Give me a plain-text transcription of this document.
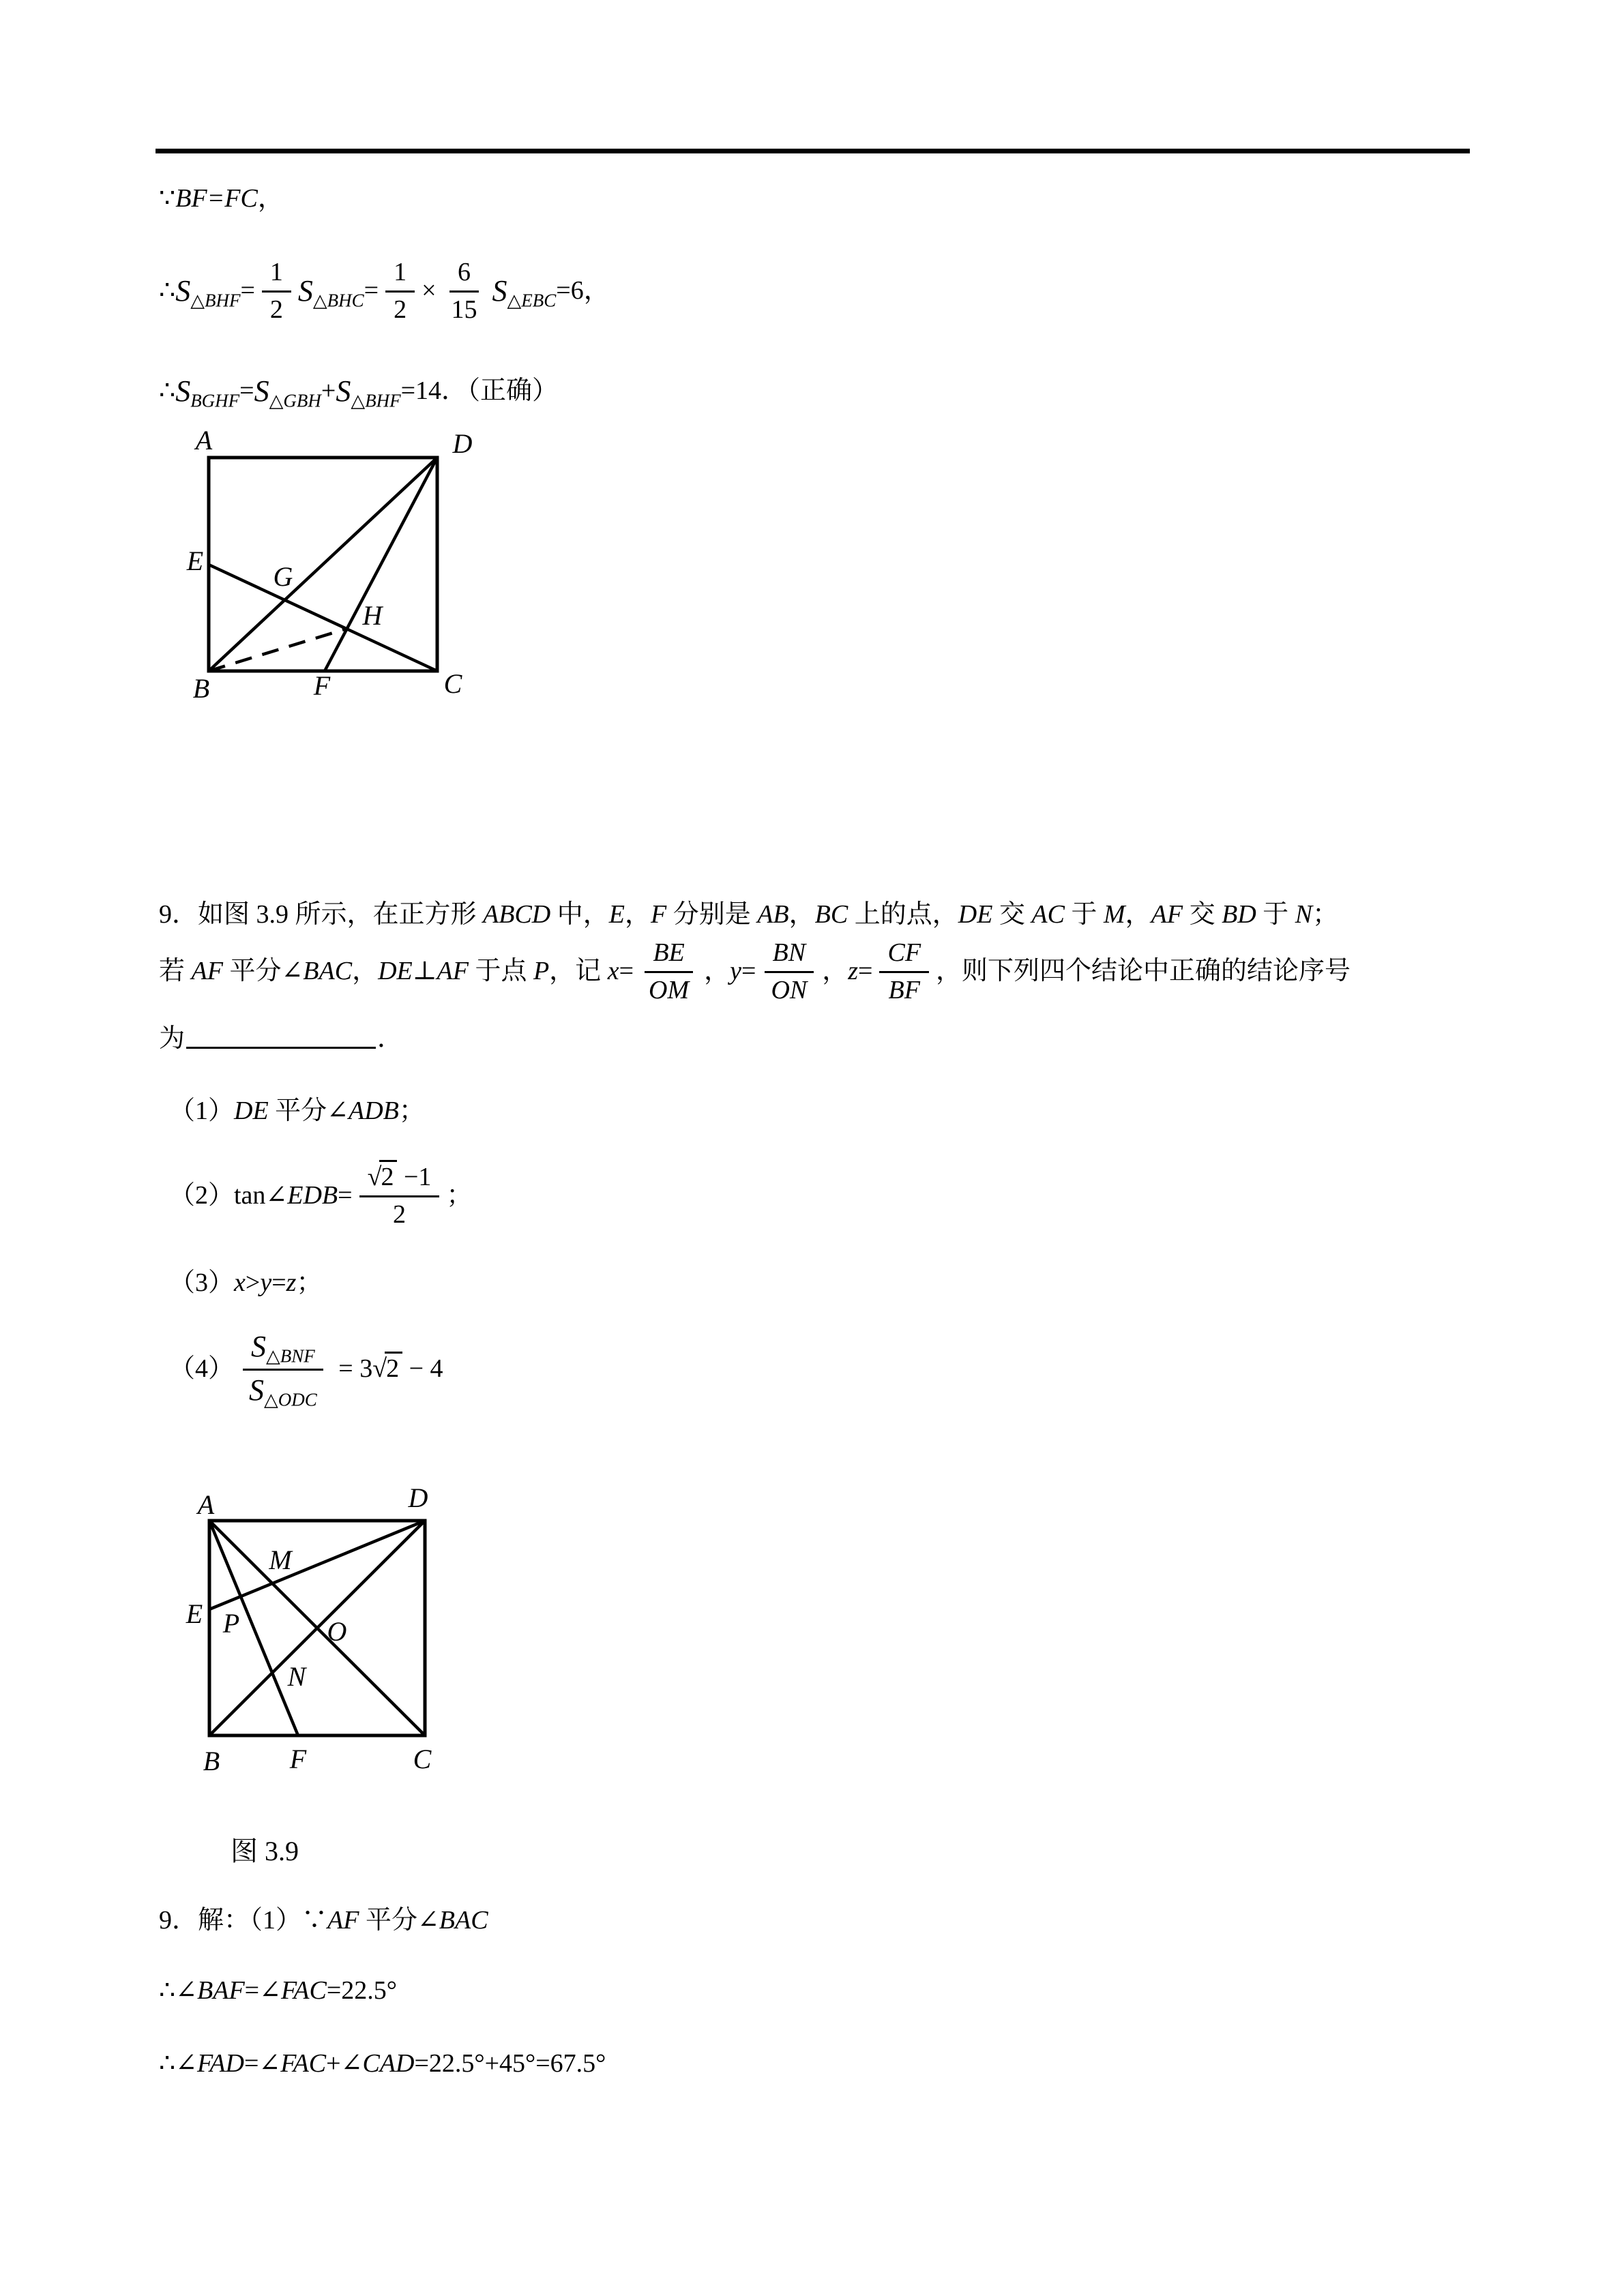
∵ BF=FC ，
∴ $S_{\triangle BHF} = \frac{1}{2} S_{\triangle BHC} = \frac{1}{2} \times \frac{6}{15} S_{\triangle EBC} =6$，
∴ $S_{BGHF} = S_{\triangle GBH} + S_{\triangle BHF} =14$．（正确）
A	D
E
G
H
B	F	C
9．如图 3.9 所示，在正方形 ABCD 中， E ， F 分别是 AB ， BC 上的点， DE 交 AC 于 M ， AF 交 BD 于 N ；
若 AF 平分∠ BAC ， DE ⊥ AF 于点 P ，记 $x = \frac{BE}{OM}$ ， $y = \frac{BN}{ON}$ ， $z = \frac{CF}{BF}$ ，则下列四个结论中正确的结论序号
为	．
（1） DE 平分∠ ADB ；
（2）tan∠ EDB = $\frac{√2 -1}{2}$ ；
（3） x > y = z ；
$(4) \frac{S_{\triangle BNF}}{S_{\triangle ODC}} = 3$ √2 − 4
A	D
M
E P	O
N
B	F	C
图 3.9
9．解：（1）∵ AF 平分∠ BAC
∴∠ BAF =∠ FAC =22.5°
∴∠ FAD =∠ FAC +∠ CAD =22.5°+45°=67.5°
